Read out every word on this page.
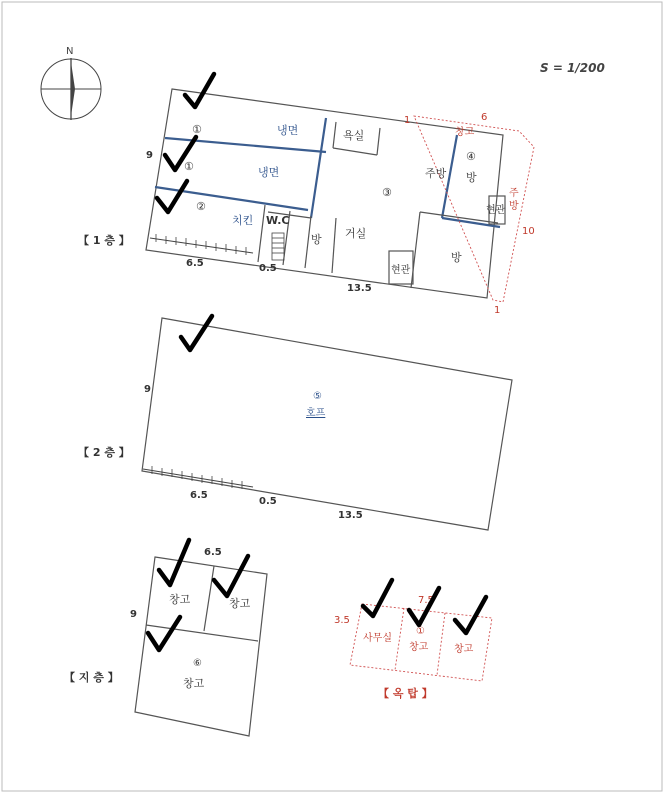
N
S = 1/200
①	냉면
①	냉면
②
치킨
욕실
③
주방
④
방
현관
W.C
방 거실
현관
방
창고
주 방
9
6.5	0.5
13.5
1	6
10
1
【 1 층 】
⑤
호프
9
6.5
0.5
13.5
【 2 층 】
창고	창고
⑥
창고
6.5
9
【 지 층 】
사무실
①
창고	창고
3.5
7.5
【 옥 탑 】
